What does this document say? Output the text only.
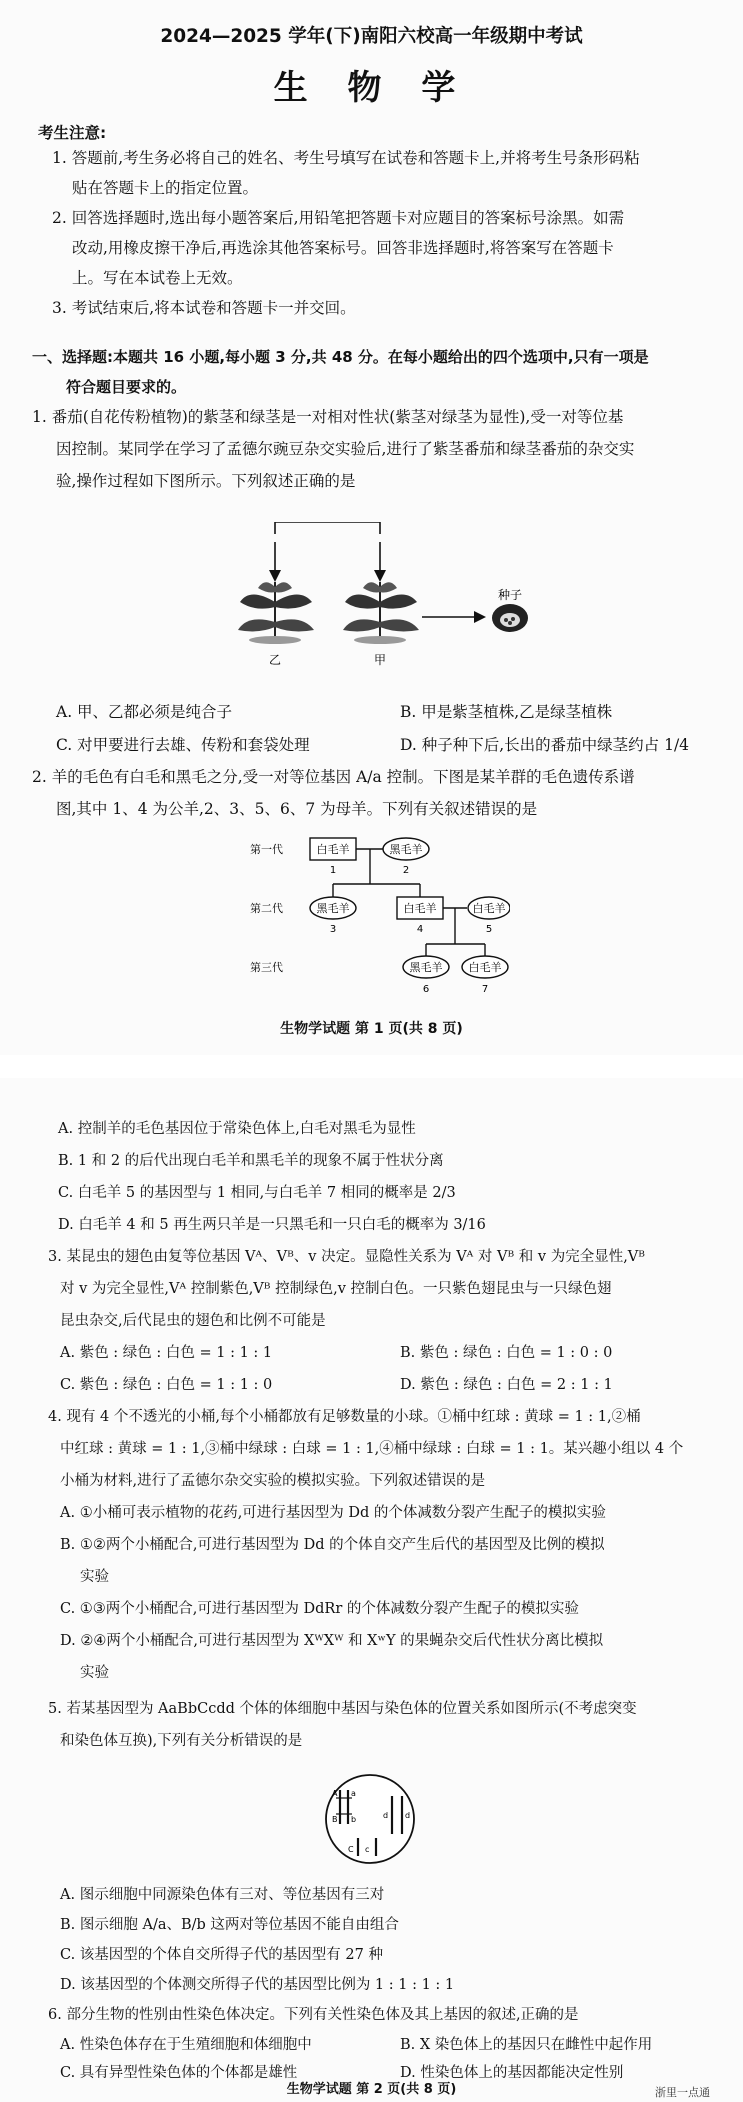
2024—2025 学年(下)南阳六校高一年级期中考试
生 物 学
考生注意:
1. 答题前,考生务必将自己的姓名、考生号填写在试卷和答题卡上,并将考生号条形码粘
贴在答题卡上的指定位置。
2. 回答选择题时,选出每小题答案后,用铅笔把答题卡对应题目的答案标号涂黑。如需
改动,用橡皮擦干净后,再选涂其他答案标号。回答非选择题时,将答案写在答题卡
上。写在本试卷上无效。
3. 考试结束后,将本试卷和答题卡一并交回。
一、选择题:本题共 16 小题,每小题 3 分,共 48 分。在每小题给出的四个选项中,只有一项是
符合题目要求的。
1. 番茄(自花传粉植物)的紫茎和绿茎是一对相对性状(紫茎对绿茎为显性),受一对等位基
因控制。某同学在学习了孟德尔豌豆杂交实验后,进行了紫茎番茄和绿茎番茄的杂交实
验,操作过程如下图所示。下列叙述正确的是
种子
乙	甲
A. 甲、乙都必须是纯合子	B. 甲是紫茎植株,乙是绿茎植株
C. 对甲要进行去雄、传粉和套袋处理	D. 种子种下后,长出的番茄中绿茎约占 1/4
2. 羊的毛色有白毛和黑毛之分,受一对等位基因 A/a 控制。下图是某羊群的毛色遗传系谱
图,其中 1、4 为公羊,2、3、5、6、7 为母羊。下列有关叙述错误的是
第一代
第二代
第三代
白毛羊	黑毛羊
1	2
黑毛羊	白毛羊	白毛羊
3	4	5
黑毛羊 白毛羊
6	7
生物学试题 第 1 页(共 8 页)
A. 控制羊的毛色基因位于常染色体上,白毛对黑毛为显性
B. 1 和 2 的后代出现白毛羊和黑毛羊的现象不属于性状分离
C. 白毛羊 5 的基因型与 1 相同,与白毛羊 7 相同的概率是 2/3
D. 白毛羊 4 和 5 再生两只羊是一只黑毛和一只白毛的概率为 3/16
3. 某昆虫的翅色由复等位基因 Vᴬ、Vᴮ、v 决定。显隐性关系为 Vᴬ 对 Vᴮ 和 v 为完全显性,Vᴮ
对 v 为完全显性,Vᴬ 控制紫色,Vᴮ 控制绿色,v 控制白色。一只紫色翅昆虫与一只绿色翅
昆虫杂交,后代昆虫的翅色和比例不可能是
A. 紫色 : 绿色 : 白色 = 1 : 1 : 1	B. 紫色 : 绿色 : 白色 = 1 : 0 : 0
C. 紫色 : 绿色 : 白色 = 1 : 1 : 0	D. 紫色 : 绿色 : 白色 = 2 : 1 : 1
4. 现有 4 个不透光的小桶,每个小桶都放有足够数量的小球。①桶中红球 : 黄球 = 1 : 1,②桶
中红球 : 黄球 = 1 : 1,③桶中绿球 : 白球 = 1 : 1,④桶中绿球 : 白球 = 1 : 1。某兴趣小组以 4 个
小桶为材料,进行了孟德尔杂交实验的模拟实验。下列叙述错误的是
A. ①小桶可表示植物的花药,可进行基因型为 Dd 的个体减数分裂产生配子的模拟实验
B. ①②两个小桶配合,可进行基因型为 Dd 的个体自交产生后代的基因型及比例的模拟
实验
C. ①③两个小桶配合,可进行基因型为 DdRr 的个体减数分裂产生配子的模拟实验
D. ②④两个小桶配合,可进行基因型为 XᵂXᵂ 和 XʷY 的果蝇杂交后代性状分离比模拟
实验
5. 若某基因型为 AaBbCcdd 个体的体细胞中基因与染色体的位置关系如图所示(不考虑突变
和染色体互换),下列有关分析错误的是
A a
B b
C c
d d
A. 图示细胞中同源染色体有三对、等位基因有三对
B. 图示细胞 A/a、B/b 这两对等位基因不能自由组合
C. 该基因型的个体自交所得子代的基因型有 27 种
D. 该基因型的个体测交所得子代的基因型比例为 1 : 1 : 1 : 1
6. 部分生物的性别由性染色体决定。下列有关性染色体及其上基因的叙述,正确的是
A. 性染色体存在于生殖细胞和体细胞中	B. X 染色体上的基因只在雌性中起作用
C. 具有异型性染色体的个体都是雄性	D. 性染色体上的基因都能决定性别
生物学试题 第 2 页(共 8 页)	浙里一点通
